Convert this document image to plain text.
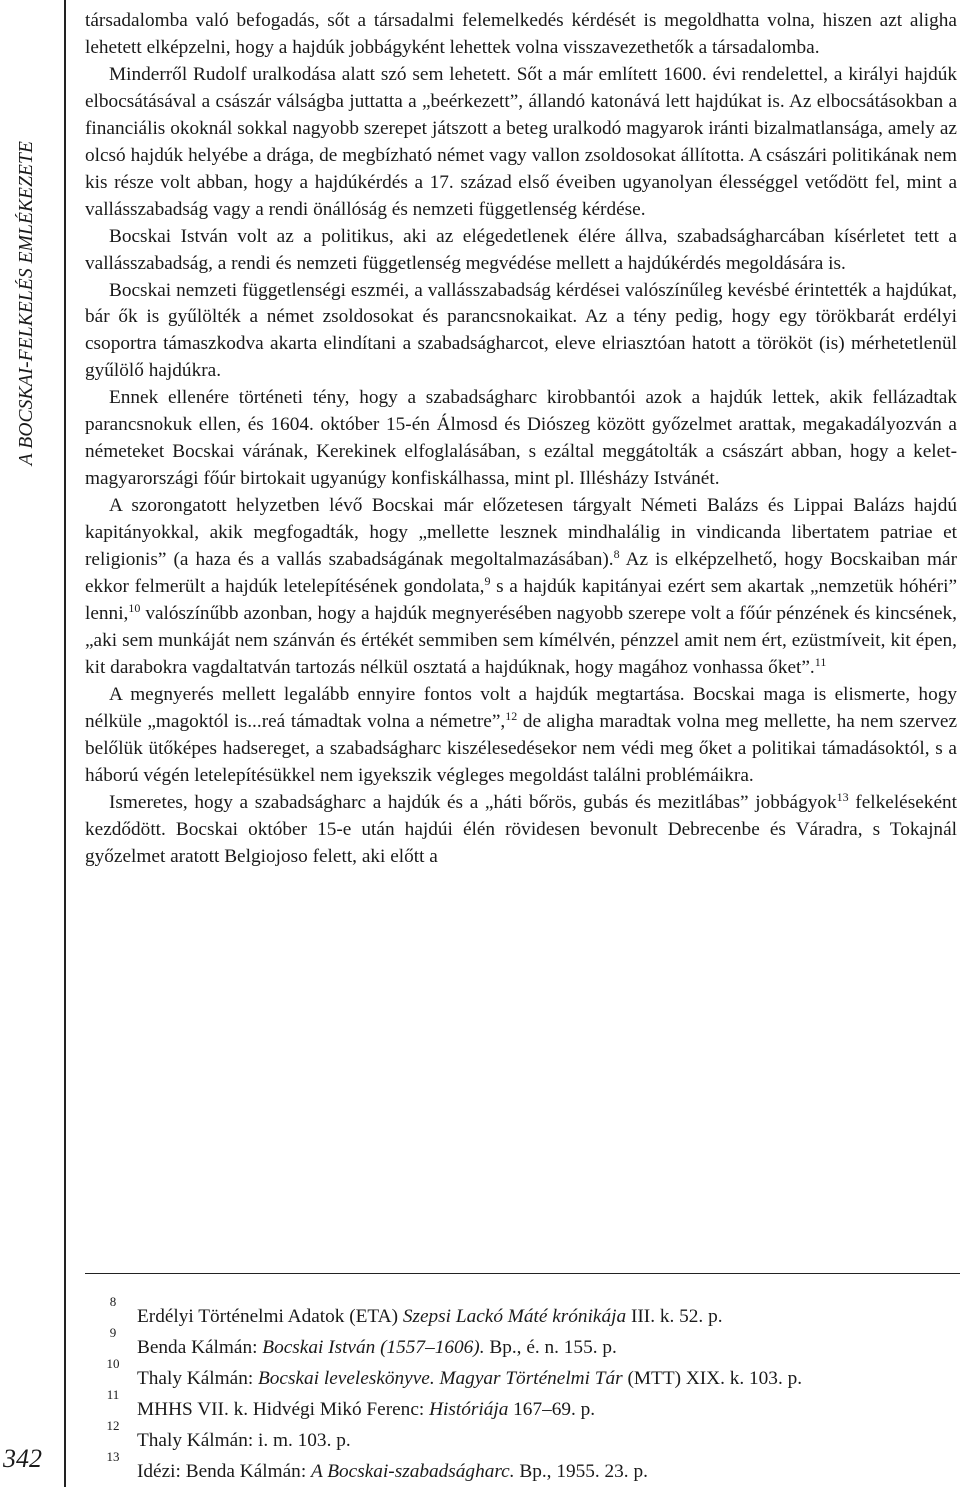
A BOCSKAI-FELKELÉS EMLÉKEZETE
342

társadalomba való befogadás, sőt a társadalmi felemelkedés kérdését is megoldhatta volna, hiszen azt aligha lehetett elképzelni, hogy a hajdúk jobbágyként lehettek volna visszavezethetők a társadalomba.

Minderről Rudolf uralkodása alatt szó sem lehetett. Sőt a már említett 1600. évi rendelettel, a királyi hajdúk elbocsátásával a császár válságba juttatta a „beérkezett”, állandó katonává lett hajdúkat is. Az elbocsátásokban a financiális okoknál sokkal nagyobb szerepet játszott a beteg uralkodó magyarok iránti bizalmatlansága, amely az olcsó hajdúk helyébe a drága, de megbízható német vagy vallon zsoldosokat állította. A császári politikának nem kis része volt abban, hogy a hajdúkérdés a 17. század első éveiben ugyanolyan élességgel vetődött fel, mint a vallásszabadság vagy a rendi önállóság és nemzeti függetlenség kérdése.

Bocskai István volt az a politikus, aki az elégedetlenek élére állva, szabadságharcában kísérletet tett a vallásszabadság, a rendi és nemzeti függetlenség megvédése mellett a hajdúkérdés megoldására is.

Bocskai nemzeti függetlenségi eszméi, a vallásszabadság kérdései valószínűleg kevésbé érintették a hajdúkat, bár ők is gyűlölték a német zsoldosokat és parancsnokaikat. Az a tény pedig, hogy egy törökbarát erdélyi csoportra támaszkodva akarta elindítani a szabadságharcot, eleve elriasztóan hatott a törököt (is) mérhetetlenül gyűlölő hajdúkra.

Ennek ellenére történeti tény, hogy a szabadságharc kirobbantói azok a hajdúk lettek, akik fellázadtak parancsnokuk ellen, és 1604. október 15-én Álmosd és Diószeg között győzelmet arattak, megakadályozván a németeket Bocskai várának, Kerekinek elfoglalásában, s ezáltal meggátolták a császárt abban, hogy a kelet-magyarországi főúr birtokait ugyanúgy konfiskálhassa, mint pl. Illésházy Istvánét.

A szorongatott helyzetben lévő Bocskai már előzetesen tárgyalt Németi Balázs és Lippai Balázs hajdú kapitányokkal, akik megfogadták, hogy „mellette lesznek mindhalálig in vindicanda libertatem patriae et religionis” (a haza és a vallás szabadságának megoltalmazásában).$^8$ Az is elképzelhető, hogy Bocskaiban már ekkor felmerült a hajdúk letelepítésének gondolata,$^9$ s a hajdúk kapitányai ezért sem akartak „nemzetük hóhéri” lenni,$^{10}$ valószínűbb azonban, hogy a hajdúk megnyerésében nagyobb szerepe volt a főúr pénzének és kincsének, „aki sem munkáját nem szánván és értékét semmiben sem kímélvén, pénzzel amit nem ért, ezüstmíveit, kit épen, kit darabokra vagdaltatván tartozás nélkül osztatá a hajdúknak, hogy magához vonhassa őket”.$^{11}$

A megnyerés mellett legalább ennyire fontos volt a hajdúk megtartása. Bocskai maga is elismerte, hogy nélküle „magoktól is...reá támadtak volna a németre”,$^{12}$ de aligha maradtak volna meg mellette, ha nem szervez belőlük ütőképes hadsereget, a szabadságharc kiszélesedésekor nem védi meg őket a politikai támadásoktól, s a háború végén letelepítésükkel nem igyekszik végleges megoldást találni problémáikra.

Ismeretes, hogy a szabadságharc a hajdúk és a „háti bőrös, gubás és mezitlábas” jobbágyok$^{13}$ felkeléseként kezdődött. Bocskai október 15-e után hajdúi élén rövidesen bevonult Debrecenbe és Váradra, s Tokajnál győzelmet aratott Belgiojoso felett, aki előtt a

8
Erdélyi Történelmi Adatok (ETA) Szepsi Lackó Máté krónikája III. k. 52. p.
9
Benda Kálmán: Bocskai István (1557–1606). Bp., é. n. 155. p.
10
Thaly Kálmán: Bocskai leveleskönyve. Magyar Történelmi Tár (MTT) XIX. k. 103. p.
11
MHHS VII. k. Hidvégi Mikó Ferenc: Históriája 167–69. p.
12
Thaly Kálmán: i. m. 103. p.
13
Idézi: Benda Kálmán: A Bocskai-szabadságharc. Bp., 1955. 23. p.
